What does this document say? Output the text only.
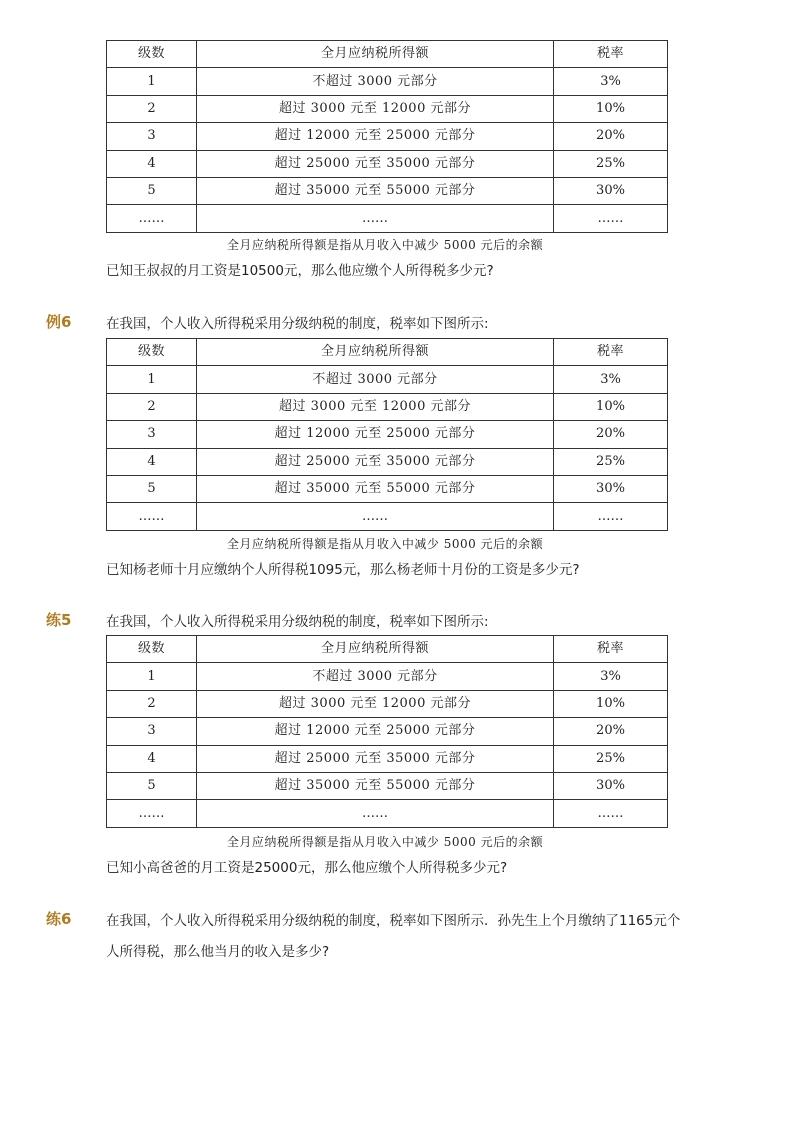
级数	全月应纳税所得额	税率
1	不超过 3000 元部分	3%
2	超过 3000 元至 12000 元部分	10%
3	超过 12000 元至 25000 元部分	20%
4	超过 25000 元至 35000 元部分	25%
5	超过 35000 元至 55000 元部分	30%
……	……	……
全月应纳税所得额是指从月收入中减少 5000 元后的余额
已知王叔叔的月工资是10500元，那么他应缴个人所得税多少元?
例6	在我国，个人收入所得税采用分级纳税的制度，税率如下图所示:
级数	全月应纳税所得额	税率
1	不超过 3000 元部分	3%
2	超过 3000 元至 12000 元部分	10%
3	超过 12000 元至 25000 元部分	20%
4	超过 25000 元至 35000 元部分	25%
5	超过 35000 元至 55000 元部分	30%
……	……	……
全月应纳税所得额是指从月收入中减少 5000 元后的余额
已知杨老师十月应缴纳个人所得税1095元，那么杨老师十月份的工资是多少元?
练5	在我国，个人收入所得税采用分级纳税的制度，税率如下图所示:
级数	全月应纳税所得额	税率
1	不超过 3000 元部分	3%
2	超过 3000 元至 12000 元部分	10%
3	超过 12000 元至 25000 元部分	20%
4	超过 25000 元至 35000 元部分	25%
5	超过 35000 元至 55000 元部分	30%
……	……	……
全月应纳税所得额是指从月收入中减少 5000 元后的余额
已知小高爸爸的月工资是25000元，那么他应缴个人所得税多少元?
练6	在我国，个人收入所得税采用分级纳税的制度，税率如下图所示．孙先生上个月缴纳了1165元个
人所得税，那么他当月的收入是多少?
